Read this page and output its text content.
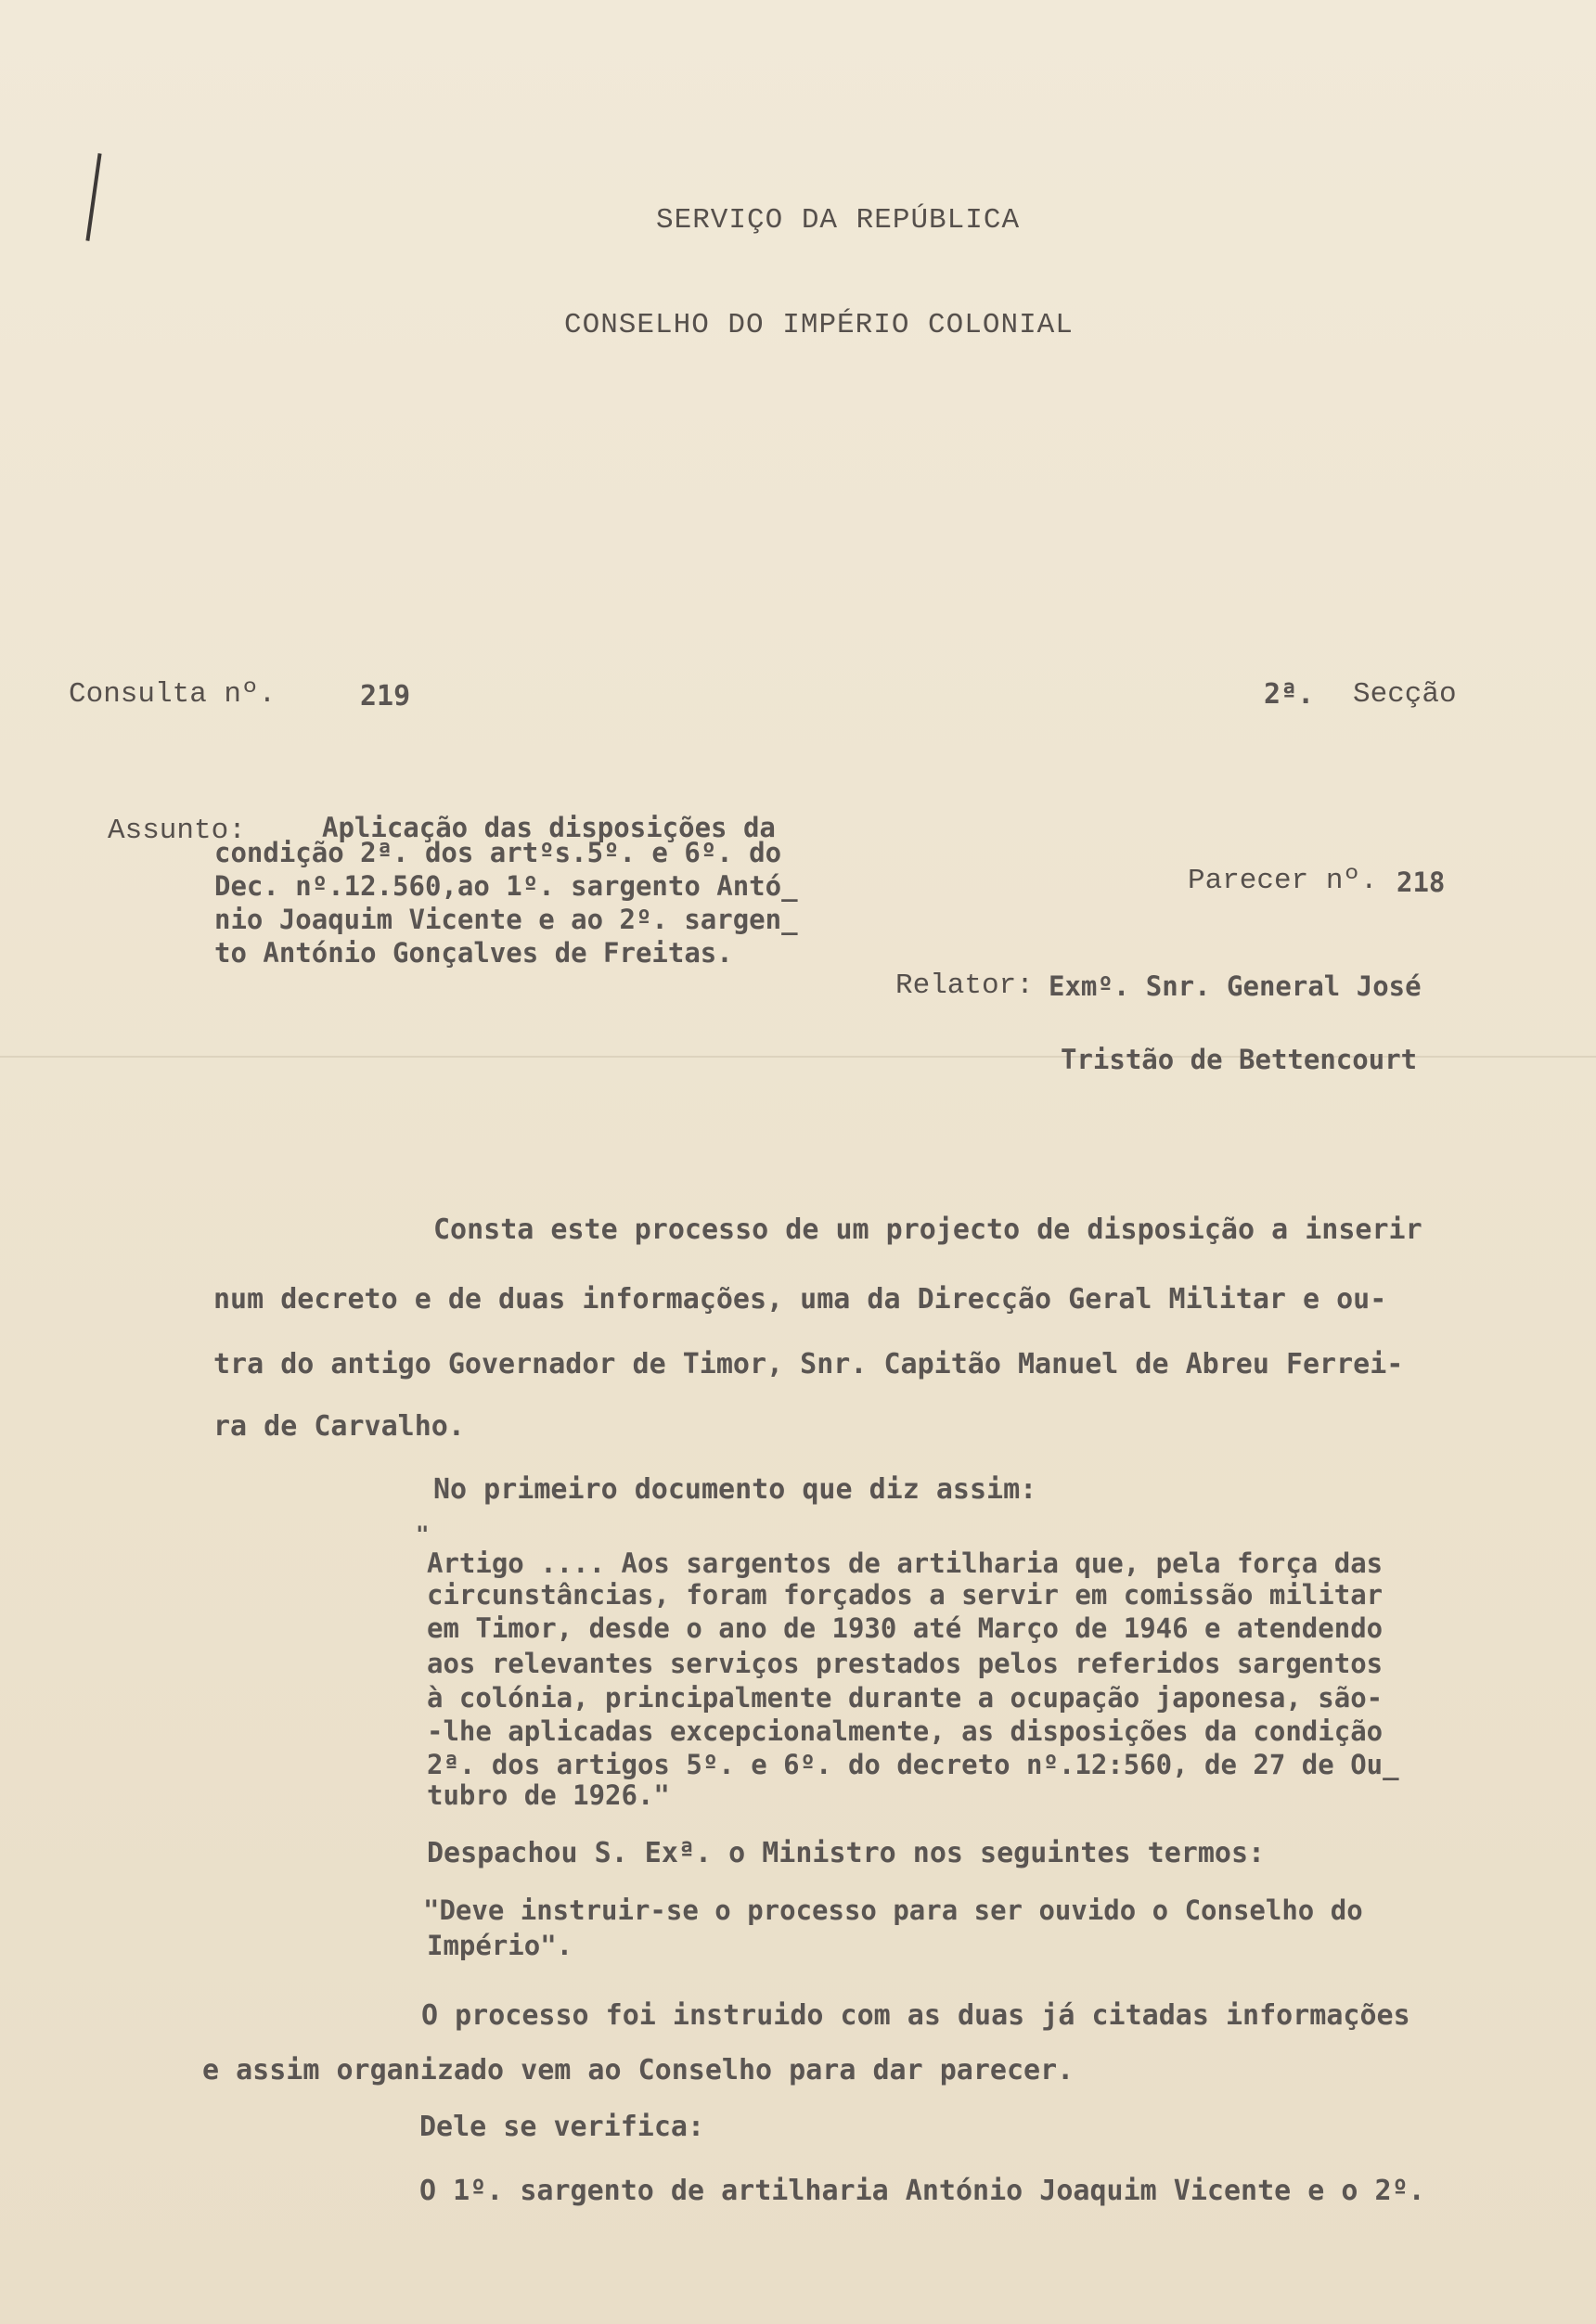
SERVIÇO DA REPÚBLICA
CONSELHO DO IMPÉRIO COLONIAL
Consulta nº.	219	2ª. Secção
Assunto:	Aplicação das disposições da
condição 2ª. dos artºs.5º. e 6º. do
Dec. nº.12.560,ao 1º. sargento Antó_
nio Joaquim Vicente e ao 2º. sargen_
to António Gonçalves de Freitas.
Parecer nº. 218
Relator: Exmº. Snr. General José
Tristão de Bettencourt
Consta este processo de um projecto de disposição a inserir
num decreto e de duas informações, uma da Direcção Geral Militar e ou-
tra do antigo Governador de Timor, Snr. Capitão Manuel de Abreu Ferrei-
ra de Carvalho.
No primeiro documento que diz assim:
"
Artigo .... Aos sargentos de artilharia que, pela força das
circunstâncias, foram forçados a servir em comissão militar
em Timor, desde o ano de 1930 até Março de 1946 e atendendo
aos relevantes serviços prestados pelos referidos sargentos
à colónia, principalmente durante a ocupação japonesa, são-
-lhe aplicadas excepcionalmente, as disposições da condição
2ª. dos artigos 5º. e 6º. do decreto nº.12:560, de 27 de Ou_
tubro de 1926."
Despachou S. Exª. o Ministro nos seguintes termos:
"Deve instruir-se o processo para ser ouvido o Conselho do
Império".
O processo foi instruido com as duas já citadas informações
e assim organizado vem ao Conselho para dar parecer.
Dele se verifica:
O 1º. sargento de artilharia António Joaquim Vicente e o 2º.
